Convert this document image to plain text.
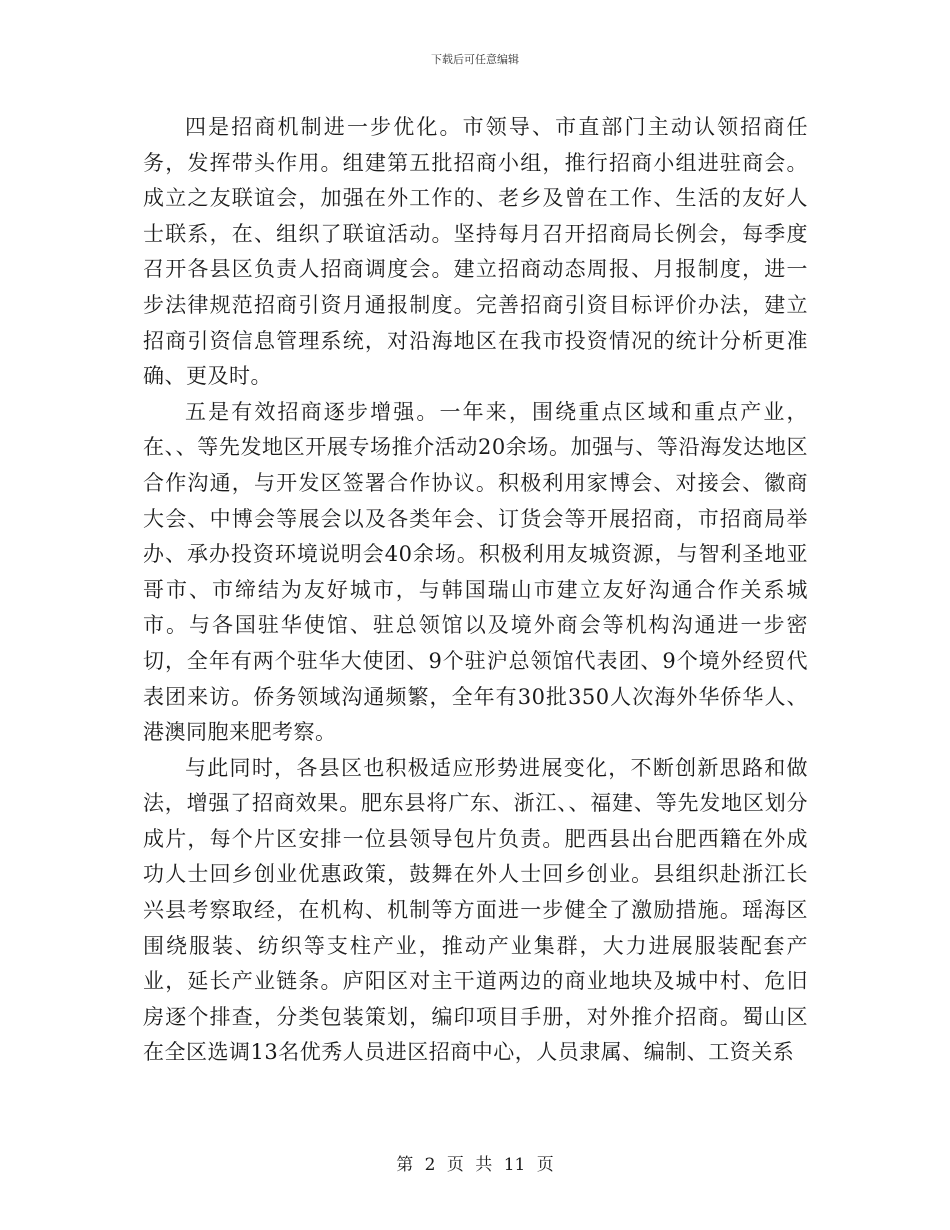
下载后可任意编辑

四是招商机制进一步优化。市领导、市直部门主动认领招商任务，发挥带头作用。组建第五批招商小组，推行招商小组进驻商会。成立之友联谊会，加强在外工作的、老乡及曾在工作、生活的友好人士联系，在、组织了联谊活动。坚持每月召开招商局长例会，每季度召开各县区负责人招商调度会。建立招商动态周报、月报制度，进一步法律规范招商引资月通报制度。完善招商引资目标评价办法，建立招商引资信息管理系统，对沿海地区在我市投资情况的统计分析更准确、更及时。

五是有效招商逐步增强。一年来，围绕重点区域和重点产业，在、、等先发地区开展专场推介活动20余场。加强与、等沿海发达地区合作沟通，与开发区签署合作协议。积极利用家博会、对接会、徽商大会、中博会等展会以及各类年会、订货会等开展招商，市招商局举办、承办投资环境说明会40余场。积极利用友城资源，与智利圣地亚哥市、市缔结为友好城市，与韩国瑞山市建立友好沟通合作关系城市。与各国驻华使馆、驻总领馆以及境外商会等机构沟通进一步密切，全年有两个驻华大使团、9个驻沪总领馆代表团、9个境外经贸代表团来访。侨务领域沟通频繁，全年有30批350人次海外华侨华人、港澳同胞来肥考察。

与此同时，各县区也积极适应形势进展变化，不断创新思路和做法，增强了招商效果。肥东县将广东、浙江、、福建、等先发地区划分成片，每个片区安排一位县领导包片负责。肥西县出台肥西籍在外成功人士回乡创业优惠政策，鼓舞在外人士回乡创业。县组织赴浙江长兴县考察取经，在机构、机制等方面进一步健全了激励措施。瑶海区围绕服装、纺织等支柱产业，推动产业集群，大力进展服装配套产业，延长产业链条。庐阳区对主干道两边的商业地块及城中村、危旧房逐个排查，分类包装策划，编印项目手册，对外推介招商。蜀山区在全区选调13名优秀人员进区招商中心，人员隶属、编制、工资关系

第 2 页 共 11 页
